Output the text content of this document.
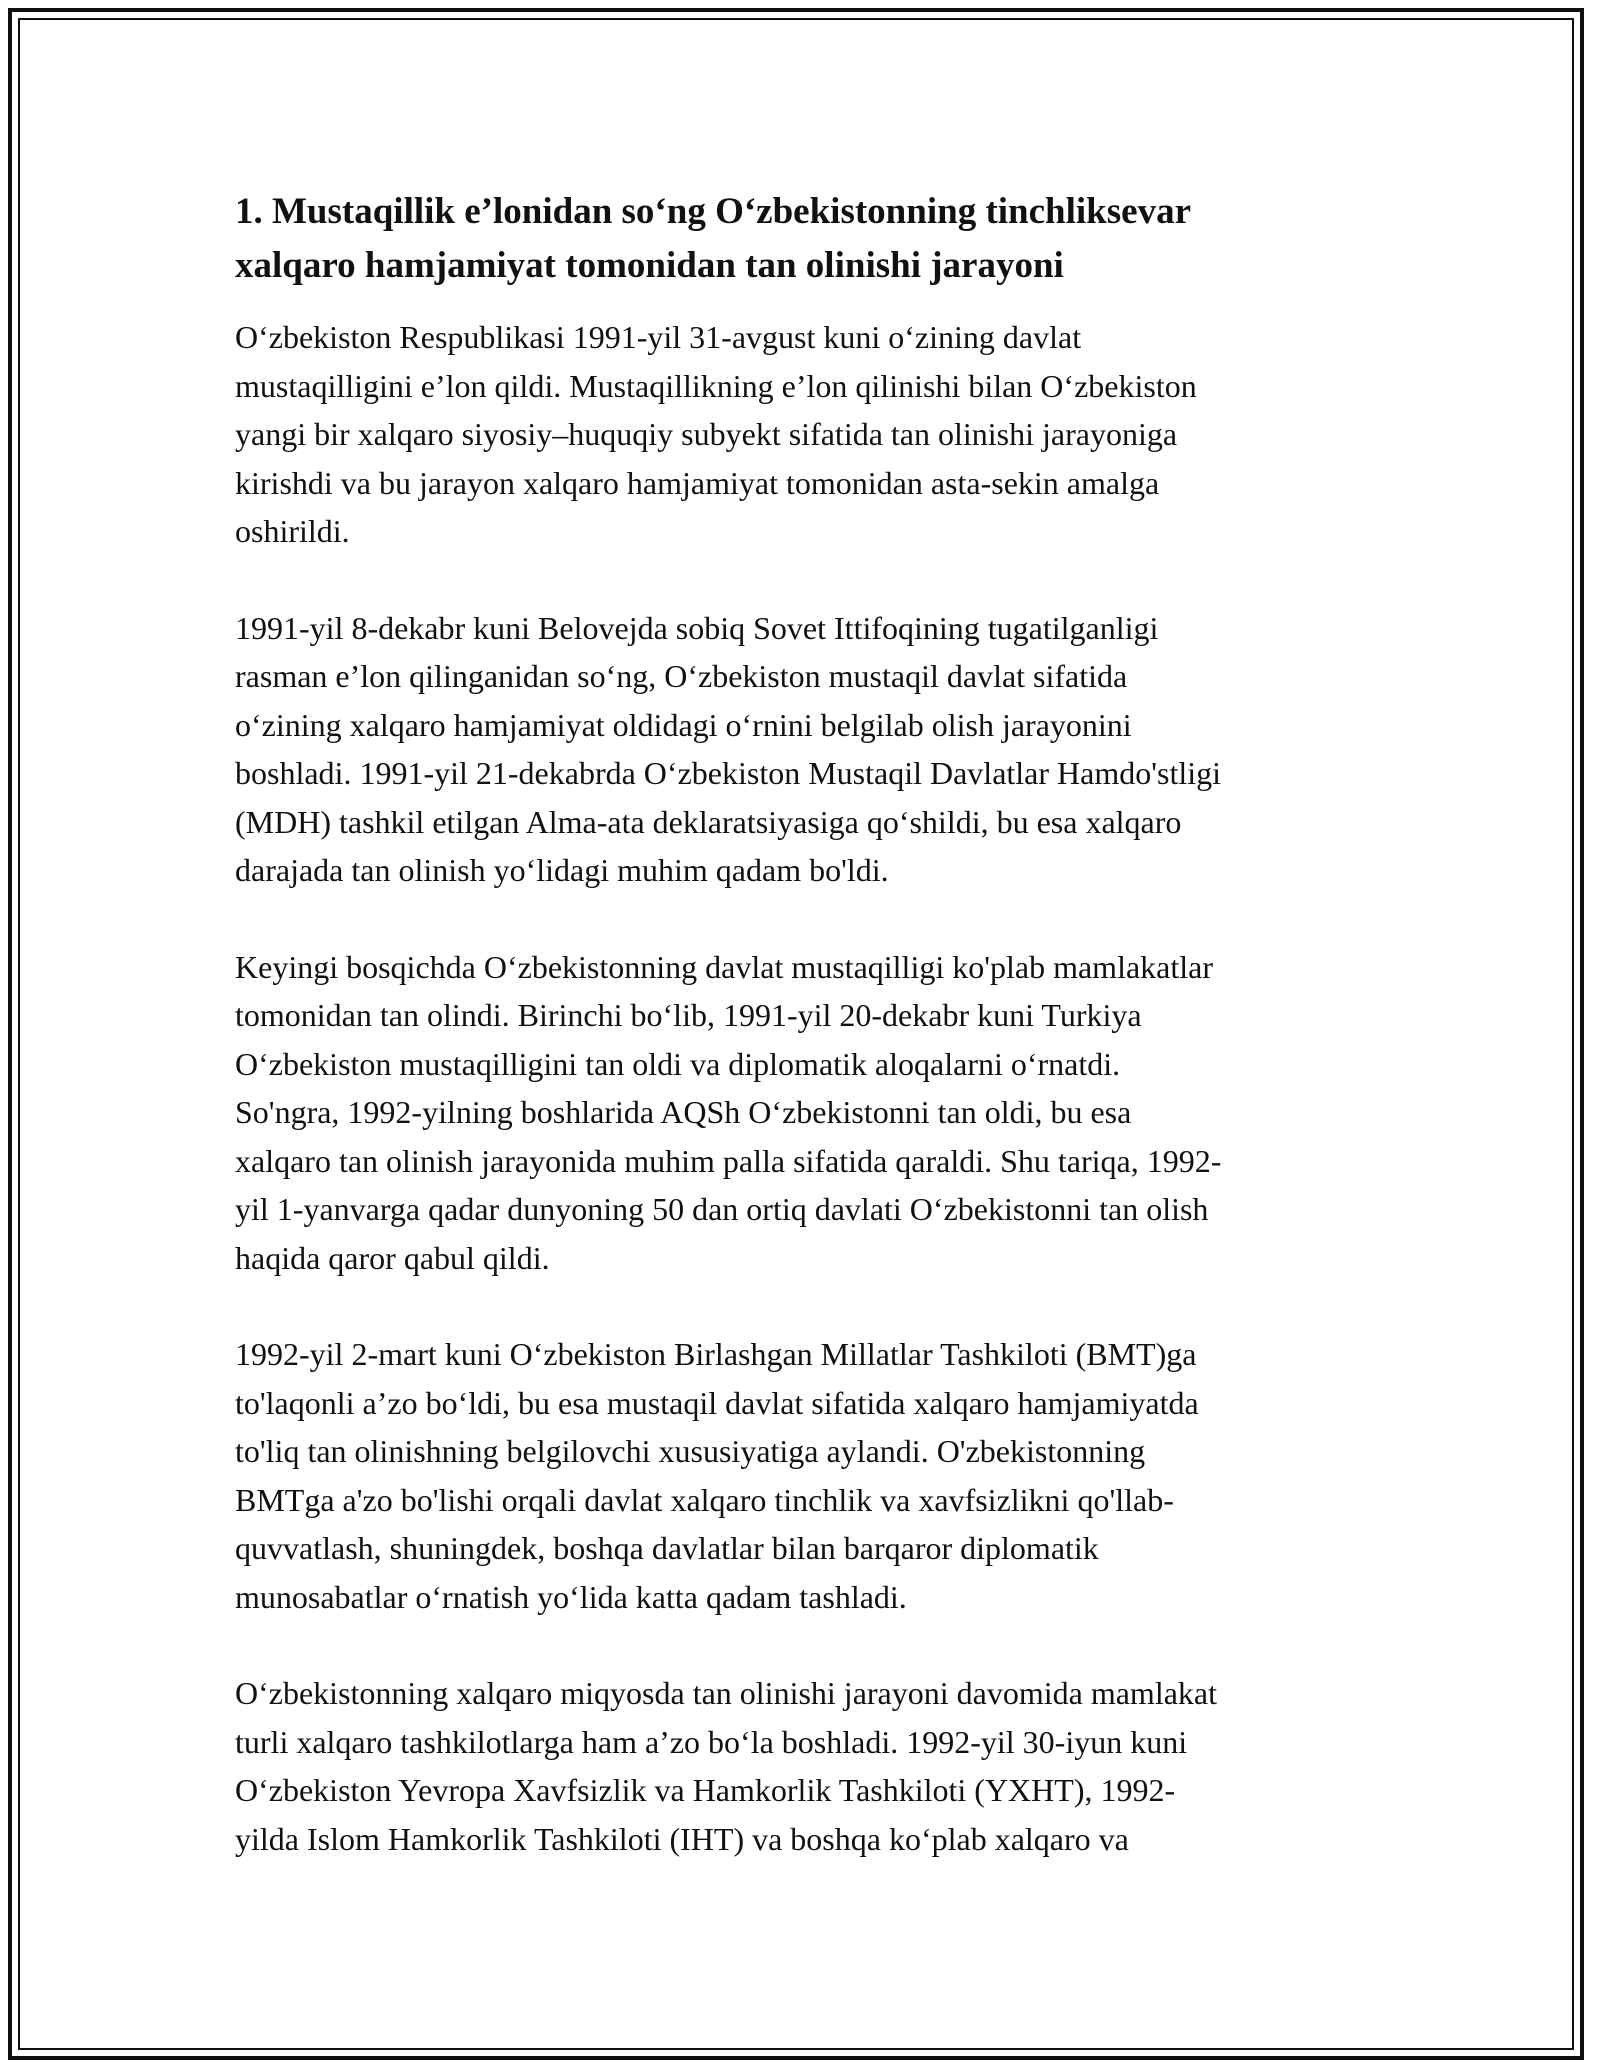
1. Mustaqillik e’lonidan so‘ng O‘zbekistonning tinchliksevar
xalqaro hamjamiyat tomonidan tan olinishi jarayoni

O‘zbekiston Respublikasi 1991-yil 31-avgust kuni o‘zining davlat
mustaqilligini e’lon qildi. Mustaqillikning e’lon qilinishi bilan O‘zbekiston
yangi bir xalqaro siyosiy–huquqiy subyekt sifatida tan olinishi jarayoniga
kirishdi va bu jarayon xalqaro hamjamiyat tomonidan asta-sekin amalga
oshirildi.

1991-yil 8-dekabr kuni Belovejda sobiq Sovet Ittifoqining tugatilganligi
rasman e’lon qilinganidan so‘ng, O‘zbekiston mustaqil davlat sifatida
o‘zining xalqaro hamjamiyat oldidagi o‘rnini belgilab olish jarayonini
boshladi. 1991-yil 21-dekabrda O‘zbekiston Mustaqil Davlatlar Hamdo'stligi
(MDH) tashkil etilgan Alma-ata deklaratsiyasiga qo‘shildi, bu esa xalqaro
darajada tan olinish yo‘lidagi muhim qadam bo'ldi.

Keyingi bosqichda O‘zbekistonning davlat mustaqilligi ko'plab mamlakatlar
tomonidan tan olindi. Birinchi bo‘lib, 1991-yil 20-dekabr kuni Turkiya
O‘zbekiston mustaqilligini tan oldi va diplomatik aloqalarni o‘rnatdi.
So'ngra, 1992-yilning boshlarida AQSh O‘zbekistonni tan oldi, bu esa
xalqaro tan olinish jarayonida muhim palla sifatida qaraldi. Shu tariqa, 1992-
yil 1-yanvarga qadar dunyoning 50 dan ortiq davlati O‘zbekistonni tan olish
haqida qaror qabul qildi.

1992-yil 2-mart kuni O‘zbekiston Birlashgan Millatlar Tashkiloti (BMT)ga
to'laqonli a’zo bo‘ldi, bu esa mustaqil davlat sifatida xalqaro hamjamiyatda
to'liq tan olinishning belgilovchi xususiyatiga aylandi. O'zbekistonning
BMTga a'zo bo'lishi orqali davlat xalqaro tinchlik va xavfsizlikni qo'llab-
quvvatlash, shuningdek, boshqa davlatlar bilan barqaror diplomatik
munosabatlar o‘rnatish yo‘lida katta qadam tashladi.

O‘zbekistonning xalqaro miqyosda tan olinishi jarayoni davomida mamlakat
turli xalqaro tashkilotlarga ham a’zo bo‘la boshladi. 1992-yil 30-iyun kuni
O‘zbekiston Yevropa Xavfsizlik va Hamkorlik Tashkiloti (YXHT), 1992-
yilda Islom Hamkorlik Tashkiloti (IHT) va boshqa ko‘plab xalqaro va
